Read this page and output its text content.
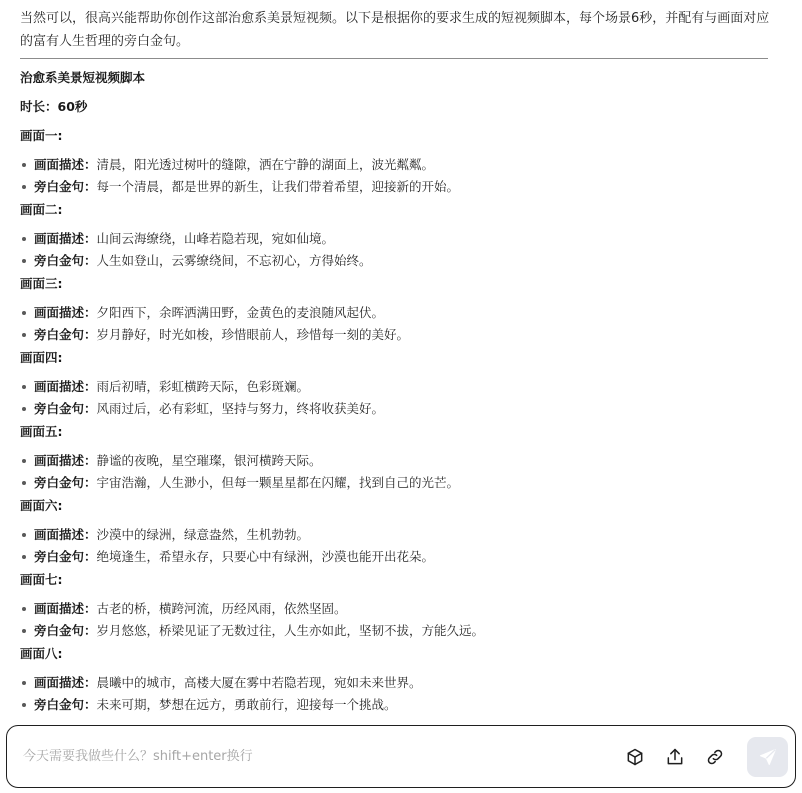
当然可以，很高兴能帮助你创作这部治愈系美景短视频。以下是根据你的要求生成的短视频脚本，每个场景6秒，并配有与画面对应的富有人生哲理的旁白金句。
治愈系美景短视频脚本
时长：60秒
画面一:
画面描述：清晨，阳光透过树叶的缝隙，洒在宁静的湖面上，波光粼粼。
旁白金句：每一个清晨，都是世界的新生，让我们带着希望，迎接新的开始。
画面二:
画面描述：山间云海缭绕，山峰若隐若现，宛如仙境。
旁白金句：人生如登山，云雾缭绕间，不忘初心，方得始终。
画面三:
画面描述：夕阳西下，余晖洒满田野，金黄色的麦浪随风起伏。
旁白金句：岁月静好，时光如梭，珍惜眼前人，珍惜每一刻的美好。
画面四:
画面描述：雨后初晴，彩虹横跨天际，色彩斑斓。
旁白金句：风雨过后，必有彩虹，坚持与努力，终将收获美好。
画面五:
画面描述：静谧的夜晚，星空璀璨，银河横跨天际。
旁白金句：宇宙浩瀚，人生渺小，但每一颗星星都在闪耀，找到自己的光芒。
画面六:
画面描述：沙漠中的绿洲，绿意盎然，生机勃勃。
旁白金句：绝境逢生，希望永存，只要心中有绿洲，沙漠也能开出花朵。
画面七:
画面描述：古老的桥，横跨河流，历经风雨，依然坚固。
旁白金句：岁月悠悠，桥梁见证了无数过往，人生亦如此，坚韧不拔，方能久远。
画面八:
画面描述：晨曦中的城市，高楼大厦在雾中若隐若现，宛如未来世界。
旁白金句：未来可期，梦想在远方，勇敢前行，迎接每一个挑战。
今天需要我做些什么？shift+enter换行
